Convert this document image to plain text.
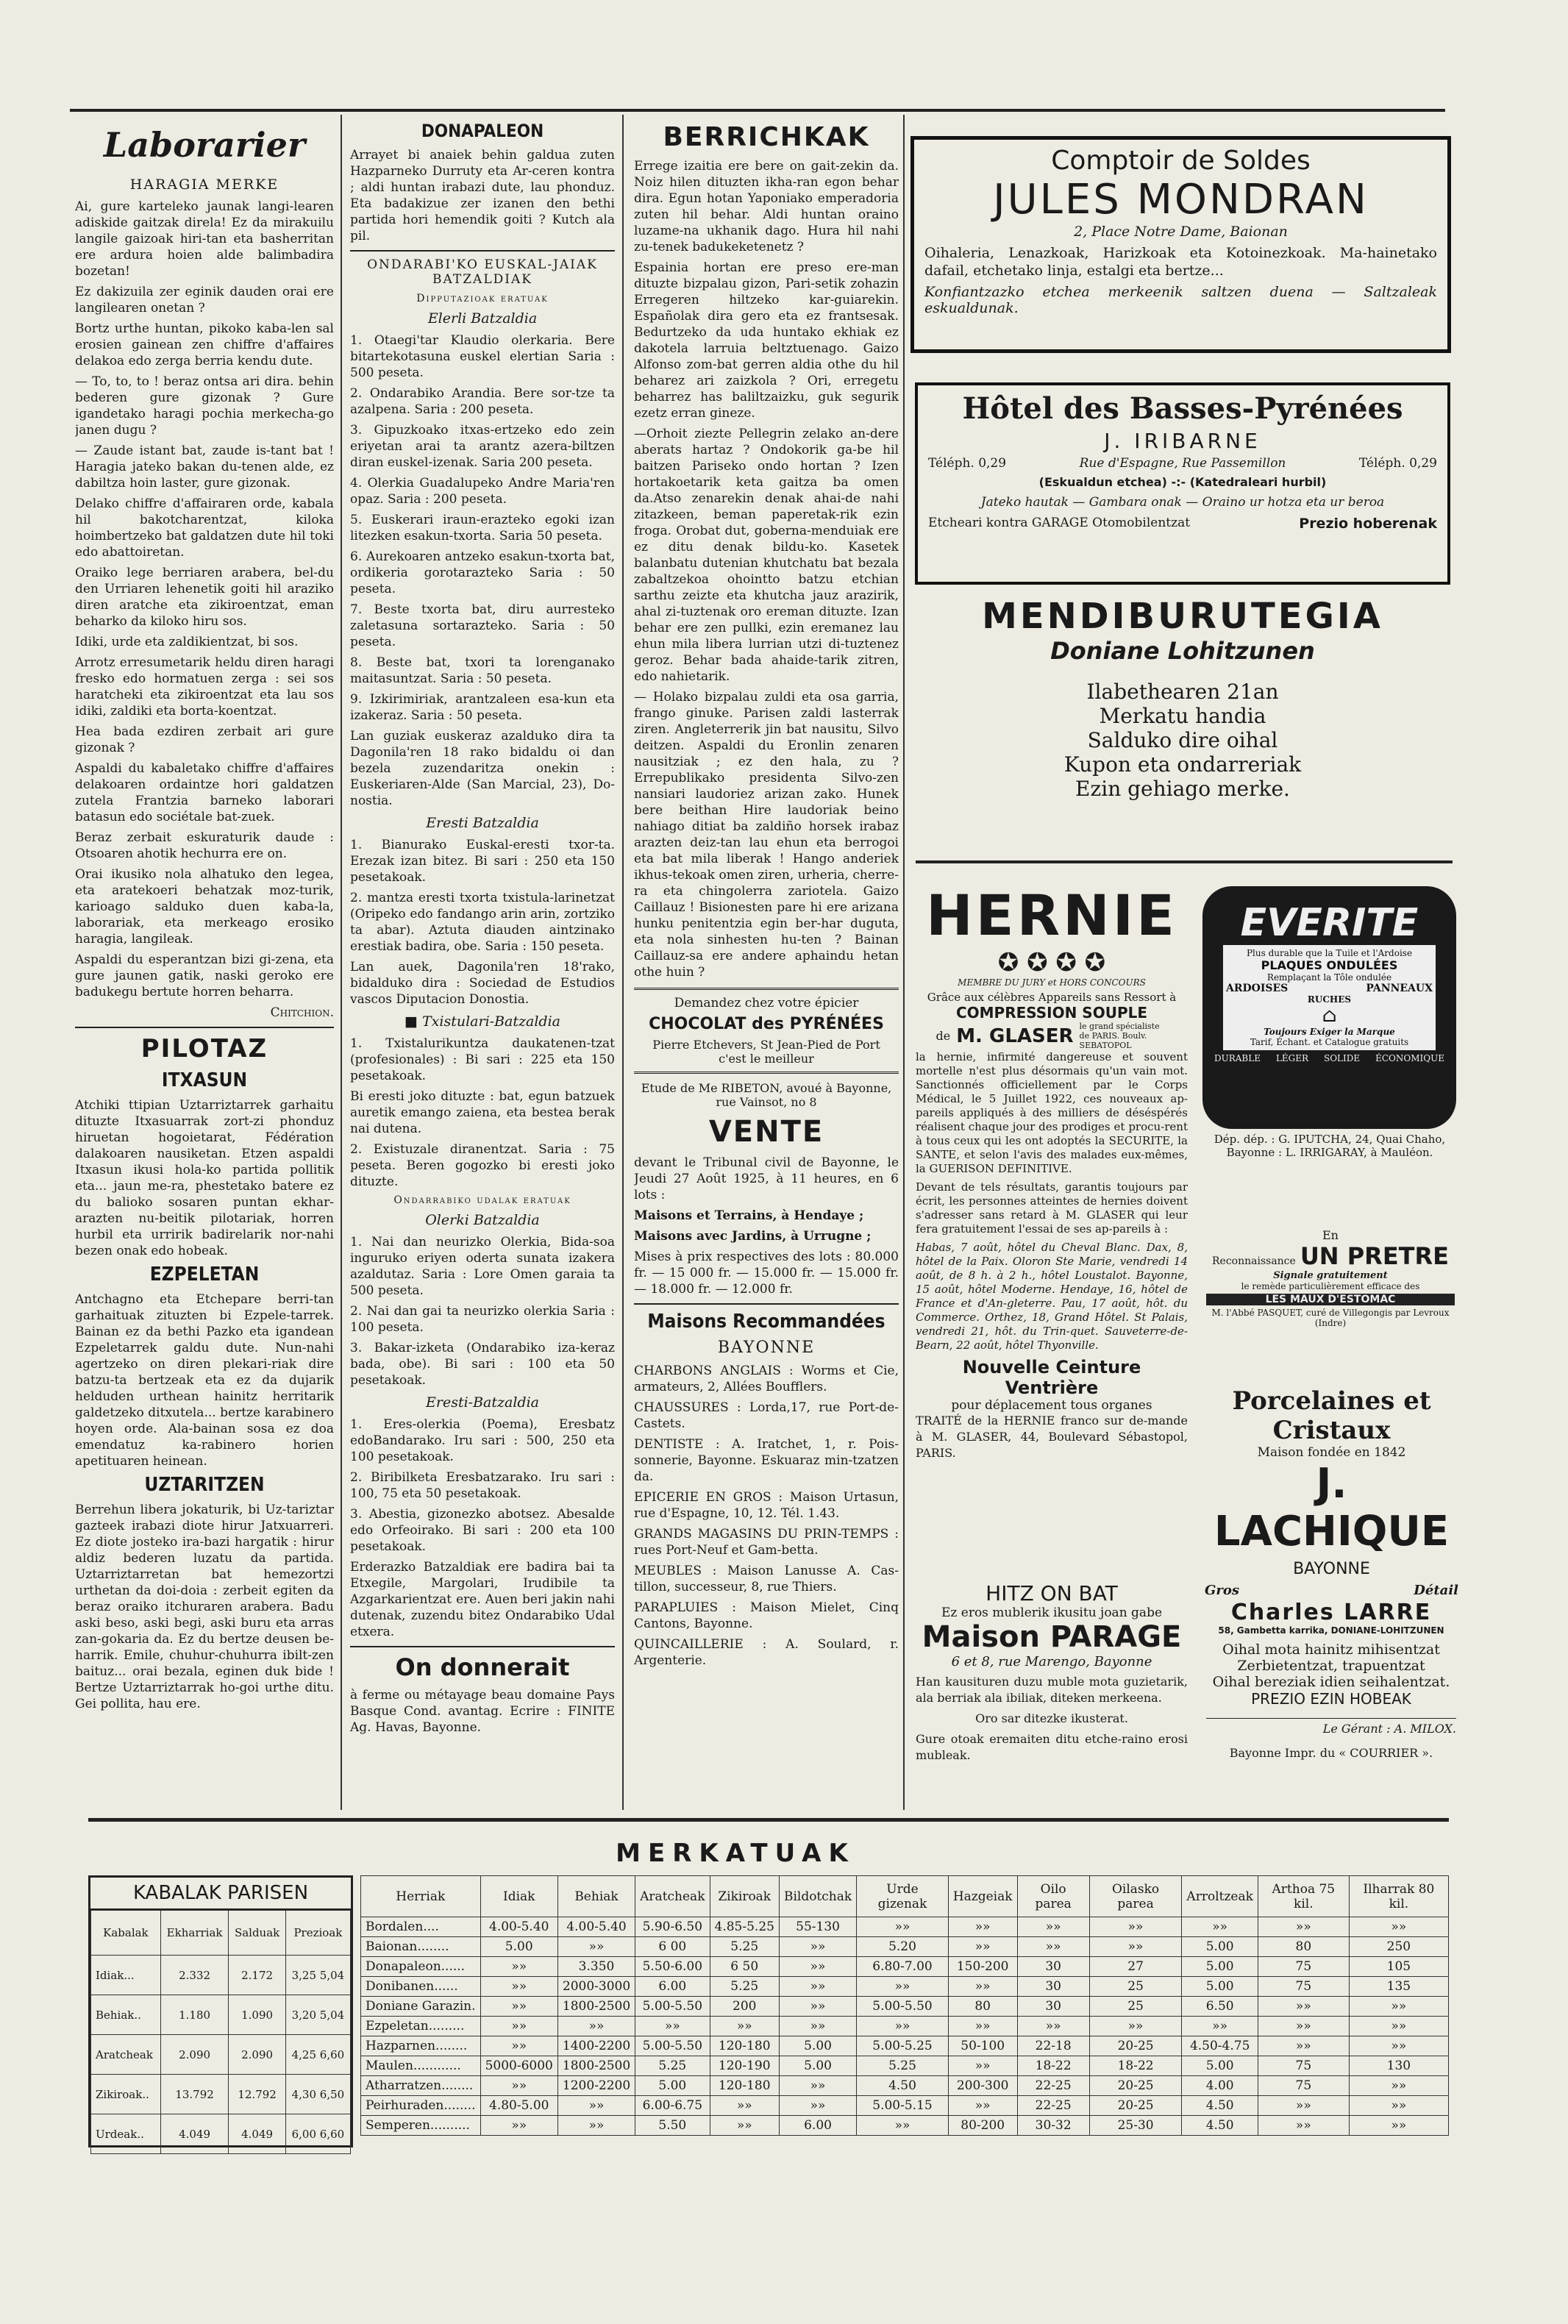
Laborarier
HARAGIA MERKE

Ai, gure karteleko jaunak langi-learen adiskide gaitzak direla! Ez da mirakuilu langile gaizoak hiri-tan eta basherritan ere ardura hoien alde balimbadira bozetan!

Ez dakizuila zer eginik dauden orai ere langilearen onetan ?

Bortz urthe huntan, pikoko kaba-len sal erosien gainean zen chiffre d'affaires delakoa edo zerga berria kendu dute.

— To, to, to ! beraz ontsa ari dira. behin bederen gure gizonak ? Gure igandetako haragi pochia merkecha-go janen dugu ?

— Zaude istant bat, zaude is-tant bat ! Haragia jateko bakan du-tenen alde, ez dabiltza hoin laster, gure gizonak.

Delako chiffre d'affairaren orde, kabala hil bakotcharentzat, kiloka hoimbertzeko bat galdatzen dute hil toki edo abattoiretan.

Oraiko lege berriaren arabera, bel-du den Urriaren lehenetik goiti hil araziko diren aratche eta zikiroentzat, eman beharko da kiloko hiru sos.

Idiki, urde eta zaldikientzat, bi sos.

Arrotz erresumetarik heldu diren haragi fresko edo hormatuen zerga : sei sos haratcheki eta zikiroentzat eta lau sos idiki, zaldiki eta borta-koentzat.

Hea bada ezdiren zerbait ari gure gizonak ?

Aspaldi du kabaletako chiffre d'affaires delakoaren ordaintze hori galdatzen zutela Frantzia barneko laborari batasun edo sociétale bat-zuek.

Beraz zerbait eskuraturik daude : Otsoaren ahotik hechurra ere on.

Orai ikusiko nola alhatuko den legea, eta aratekoeri behatzak moz-turik, karioago salduko duen kaba-la, laborariak, eta merkeago erosiko haragia, langileak.

Aspaldi du esperantzan bizi gi-zena, eta gure jaunen gatik, naski geroko ere badukegu bertute horren beharra.

Chitchion.

PILOTAZ
ITXASUN

Atchiki ttipian Uztarriztarrek garhaitu dituzte Itxasuarrak zort-zi phonduz hiruetan hogoietarat, Fédération dalakoaren nausiketan. Etzen aspaldi Itxasun ikusi hola-ko partida pollitik eta... jaun me-ra, phestetako batere ez du balioko sosaren puntan ekhar-arazten nu-beitik pilotariak, horren hurbil eta urririk badirelarik nor-nahi bezen onak edo hobeak.

EZPELETAN

Antchagno eta Etchepare berri-tan garhaituak zituzten bi Ezpele-tarrek. Bainan ez da bethi Pazko eta igandean Ezpeletarrek galdu dute. Nun-nahi agertzeko on diren plekari-riak dire batzu-ta bertzeak eta ez da dujarik helduden urthean hainitz herritarik galdetzeko ditxutela... bertze karabinero hoyen orde. Ala-bainan sosa ez doa emendatuz ka-rabinero horien apetituaren heinean.

UZTARITZEN

Berrehun libera jokaturik, bi Uz-tariztar gazteek irabazi diote hirur Jatxuarreri. Ez diote josteko ira-bazi hargatik : hirur aldiz bederen luzatu da partida. Uztarriztarretan bat hemezortzi urthetan da doi-doia : zerbeit egiten da beraz oraiko itchuraren arabera. Badu aski beso, aski begi, aski buru eta arras zan-gokaria da. Ez du bertze deusen be-harrik. Emile, chuhur-chuhurra ibilt-zen baituz... orai bezala, eginen duk bide ! Bertze Uztarriztarrak ho-goi urthe ditu. Gei pollita, hau ere.

DONAPALEON

Arrayet bi anaiek behin galdua zuten Hazparneko Durruty eta Ar-ceren kontra ; aldi huntan irabazi dute, lau phonduz. Eta badakizue zer izanen den bethi partida hori hemendik goiti ? Kutch ala pil.

ONDARABI'KO EUSKAL-JAIAK BATZALDIAK
Dipputazioak eratuak
Elerli Batzaldia

1. Otaegi'tar Klaudio olerkaria. Bere bitartekotasuna euskel elertian Saria : 500 peseta.

2. Ondarabiko Arandia. Bere sor-tze ta azalpena. Saria : 200 peseta.

3. Gipuzkoako itxas-ertzeko edo zein eriyetan arai ta arantz azera-biltzen diran euskel-izenak. Saria 200 peseta.

4. Olerkia Guadalupeko Andre Maria'ren opaz. Saria : 200 peseta.

5. Euskerari iraun-erazteko egoki izan litezken esakun-txorta. Saria 50 peseta.

6. Aurekoaren antzeko esakun-txorta bat, ordikeria gorotarazteko Saria : 50 peseta.

7. Beste txorta bat, diru aurresteko zaletasuna sortarazteko. Saria : 50 peseta.

8. Beste bat, txori ta lorenganako maitasuntzat. Saria : 50 peseta.

9. Izkirimiriak, arantzaleen esa-kun eta izakeraz. Saria : 50 peseta.

Lan guziak euskeraz azalduko dira ta Dagonila'ren 18 rako bidaldu oi dan bezela zuzendaritza onekin : Euskeriaren-Alde (San Marcial, 23), Do-nostia.

Eresti Batzaldia

1. Bianurako Euskal-eresti txor-ta. Erezak izan bitez. Bi sari : 250 eta 150 pesetakoak.

2. mantza eresti txorta txistula-larinetzat (Oripeko edo fandango arin arin, zortziko ta abar). Aztuta diauden aintzinako erestiak badira, obe. Saria : 150 peseta.

Lan auek, Dagonila'ren 18'rako, bidalduko dira : Sociedad de Estudios vascos Diputacion Donostia.

■ Txistulari-Batzaldia

1. Txistalurikuntza daukatenen-tzat (profesionales) : Bi sari : 225 eta 150 pesetakoak.

Bi eresti joko dituzte : bat, egun batzuek auretik emango zaiena, eta bestea berak nai dutena.

2. Existuzale diranentzat. Saria : 75 peseta. Beren gogozko bi eresti joko dituzte.

Ondarrabiko udalak eratuak
Olerki Batzaldia

1. Nai dan neurizko Olerkia, Bida-soa inguruko eriyen oderta sunata izakera azaldutaz. Saria : Lore Omen garaia ta 500 peseta.

2. Nai dan gai ta neurizko olerkia Saria : 100 peseta.

3. Bakar-izketa (Ondarabiko iza-keraz bada, obe). Bi sari : 100 eta 50 pesetakoak.

Eresti-Batzaldia

1. Eres-olerkia (Poema), Eresbatz edoBandarako. Iru sari : 500, 250 eta 100 pesetakoak.

2. Biribilketa Eresbatzarako. Iru sari : 100, 75 eta 50 pesetakoak.

3. Abestia, gizonezko abotsez. Abesalde edo Orfeoirako. Bi sari : 200 eta 100 pesetakoak.

Erderazko Batzaldiak ere badira bai ta Etxegile, Margolari, Irudibile ta Azgarkarientzat ere. Auen beri jakin nahi dutenak, zuzendu bitez Ondarabiko Udal etxera.

On donnerait

à ferme ou métayage beau domaine Pays Basque Cond. avantag. Ecrire : FINITE Ag. Havas, Bayonne.

BERRICHKAK

Errege izaitia ere bere on gait-zekin da. Noiz hilen dituzten ikha-ran egon behar dira. Egun hotan Yaponiako emperadoria zuten hil behar. Aldi huntan oraino luzame-na ukhanik dago. Hura hil nahi zu-tenek badukeketenetz ?

Espainia hortan ere preso ere-man dituzte bizpalau gizon, Pari-setik zohazin Erregeren hiltzeko kar-guiarekin. Españolak dira gero eta ez frantsesak. Bedurtzeko da uda huntako ekhiak ez dakotela larruia beltztuenago. Gaizo Alfonso zom-bat gerren aldia othe du hil beharez ari zaizkola ? Ori, erregetu beharrez has baliltzaizku, guk segurik ezetz erran gineze.

—Orhoit ziezte Pellegrin zelako an-dere aberats hartaz ? Ondokorik ga-be hil baitzen Pariseko ondo hortan ? Izen hortakoetarik keta gaitza ba omen da.Atso zenarekin denak ahai-de nahi zitazkeen, beman paperetak-rik ezin froga. Orobat dut, goberna-menduiak ere ez ditu denak bildu-ko. Kasetek balanbatu dutenian khutchatu bat bezala zabaltzekoa ohointto batzu etchian sarthu zeizte eta khutcha jauz arazirik, ahal zi-tuztenak oro ereman dituzte. Izan behar ere zen pullki, ezin eremanez lau ehun mila libera lurrian utzi di-tuztenez geroz. Behar bada ahaide-tarik zitren, edo nahietarik.

— Holako bizpalau zuldi eta osa garria, frango ginuke. Parisen zaldi lasterrak ziren. Angleterrerik jin bat nausitu, Silvo deitzen. Aspaldi du Eronlin zenaren nausitziak ; ez den hala, zu ? Errepublikako presidenta Silvo-zen nansiari laudoriez arizan zako. Hunek bere beithan Hire laudoriak beino nahiago ditiat ba zaldiño horsek irabaz arazten deiz-tan lau ehun eta berrogoi eta bat mila liberak ! Hango anderiek ikhus-tekoak omen ziren, urheria, cherre-ra eta chingolerra zariotela. Gaizo Caillauz ! Bisionesten pare hi ere arizana hunku penitentzia egin ber-har duguta, eta nola sinhesten hu-ten ? Bainan Caillauz-sa ere andere aphaindu hetan othe huin ?

Demandez chez votre épicier
CHOCOLAT des PYRÉNÉES
Pierre Etchevers, St Jean-Pied de Port
c'est le meilleur
Etude de Me RIBETON, avoué à Bayonne, rue Vainsot, no 8
VENTE

devant le Tribunal civil de Bayonne, le Jeudi 27 Août 1925, à 11 heures, en 6 lots :

Maisons et Terrains, à Hendaye ;

Maisons avec Jardins, à Urrugne ;

Mises à prix respectives des lots : 80.000 fr. — 15 000 fr. — 15.000 fr. — 15.000 fr. — 18.000 fr. — 12.000 fr.

Maisons Recommandées
BAYONNE

CHARBONS ANGLAIS : Worms et Cie, armateurs, 2, Allées Boufflers.

CHAUSSURES : Lorda,17, rue Port-de-Castets.

DENTISTE : A. Iratchet, 1, r. Pois-sonnerie, Bayonne. Eskuaraz min-tzatzen da.

EPICERIE EN GROS : Maison Urtasun, rue d'Espagne, 10, 12. Tél. 1.43.

GRANDS MAGASINS DU PRIN-TEMPS : rues Port-Neuf et Gam-betta.

MEUBLES : Maison Lanusse A. Cas-tillon, successeur, 8, rue Thiers.

PARAPLUIES : Maison Mielet, Cinq Cantons, Bayonne.

QUINCAILLERIE : A. Soulard, r. Argenterie.

Comptoir de Soldes
JULES MONDRAN
2, Place Notre Dame, Baionan

Oihaleria, Lenazkoak, Harizkoak eta Kotoinezkoak. Ma-hainetako dafail, etchetako linja, estalgi eta bertze...

Konfiantzazko etchea merkeenik saltzen duena — Saltzaleak eskualdunak.

Hôtel des Basses-Pyrénées
J. IRIBARNE
Téléph. 0,29	Rue d'Espagne, Rue Passemillon	Téléph. 0,29
(Eskualdun etchea) -:- (Katedraleari hurbil)
Jateko hautak — Gambara onak — Oraino ur hotza eta ur beroa
Etcheari kontra GARAGE Otomobilentzat	Prezio hoberenak
MENDIBURUTEGIA
Doniane Lohitzunen
Ilabethearen 21an
Merkatu handia
Salduko dire oihal
Kupon eta ondarreriak
Ezin gehiago merke.
HERNIE
✪ ✪ ✪ ✪
MEMBRE DU JURY et HORS CONCOURS
Grâce aux célèbres Appareils sans Ressort à
COMPRESSION SOUPLE
de M. GLASER le grand spécialiste de PARIS. Boulv. SEBATOPOL

la hernie, infirmité dangereuse et souvent mortelle n'est plus désormais qu'un vain mot. Sanctionnés officiellement par le Corps Médical, le 5 Juillet 1922, ces nouveaux ap-pareils appliqués à des milliers de déséspérés réalisent chaque jour des prodiges et procu-rent à tous ceux qui les ont adoptés la SECURITE, la SANTE, et selon l'avis des malades eux-mêmes, la GUERISON DEFINITIVE.

Devant de tels résultats, garantis toujours par écrit, les personnes atteintes de hernies doivent s'adresser sans retard à M. GLASER qui leur fera gratuitement l'essai de ses ap-pareils à :

Habas, 7 août, hôtel du Cheval Blanc. Dax, 8, hôtel de la Paix. Oloron Ste Marie, vendredi 14 août, de 8 h. à 2 h., hôtel Loustalot. Bayonne, 15 août, hôtel Moderne. Hendaye, 16, hôtel de France et d'An-gleterre. Pau, 17 août, hôt. du Commerce. Orthez, 18, Grand Hôtel. St Palais, vendredi 21, hôt. du Trin-quet. Sauveterre-de-Bearn, 22 août, hôtel Thyonville.

Nouvelle Ceinture Ventrière
pour déplacement tous organes

TRAITÉ de la HERNIE franco sur de-mande à M. GLASER, 44, Boulevard Sébastopol, PARIS.

EVERITE
Plus durable que la Tuile et l'Ardoise
PLAQUES ONDULÉES
Remplaçant la Tôle ondulée
ARDOISES	PANNEAUX
RUCHES
⌂
Toujours Exiger la Marque
Tarif, Échant. et Catalogue gratuits
DURABLE LÉGER SOLIDE ÉCONOMIQUE
Dép. dép. : G. IPUTCHA, 24, Quai Chaho, Bayonne : L. IRRIGARAY, à Mauléon.
En
Reconnaissance UN PRETRE
Signale gratuitement
le remède particulièrement efficace des
LES MAUX D'ESTOMAC
M. l'Abbé PASQUET, curé de Villegongis par Levroux (Indre)
Porcelaines et Cristaux
Maison fondée en 1842
J. LACHIQUE
BAYONNE
Gros	Détail
HITZ ON BAT
Ez eros mublerik ikusitu joan gabe
Maison PARAGE
6 et 8, rue Marengo, Bayonne

Han kausituren duzu muble mota guzietarik, ala berriak ala ibiliak, diteken merkeena.

Oro sar ditezke ikusterat.

Gure otoak eremaiten ditu etche-raino erosi mubleak.

Charles LARRE
58, Gambetta karrika, DONIANE-LOHITZUNEN
Oihal mota hainitz mihisentzat
Zerbietentzat, trapuentzat
Oihal bereziak idien seihalentzat.
PREZIO EZIN HOBEAK
Le Gérant : A. MILOX.
Bayonne Impr. du « COURRIER ».
MERKATUAK
KABALAK PARISEN
Kabalak	Ekharriak	Salduak	Prezioak
Idiak...	2.332	2.172	3,25 5,04
Behiak..	1.180	1.090	3,20 5,04
Aratcheak	2.090	2.090	4,25 6,60
Zikiroak..	13.792	12.792	4,30 6,50
Urdeak..	4.049	4.049	6,00 6,60
Herriak	Idiak	Behiak	Aratcheak	Zikiroak	Bildotchak	Urde gizenak	Hazgeiak	Oilo parea	Oilasko parea	Arroltzeak	Arthoa 75 kil.	Ilharrak 80 kil.
Bordalen....	4.00-5.40	4.00-5.40	5.90-6.50	4.85-5.25	55-130	»»	»»	»»	»»	»»	»»	»»
Baionan........	5.00	»»	6 00	5.25	»»	5.20	»»	»»	»»	5.00	80	250
Donapaleon......	»»	3.350	5.50-6.00	6 50	»»	6.80-7.00	150-200	30	27	5.00	75	105
Donibanen......	»»	2000-3000	6.00	5.25	»»	»»	»»	30	25	5.00	75	135
Doniane Garazin.	»»	1800-2500	5.00-5.50	200	»»	5.00-5.50	80	30	25	6.50	»»	»»
Ezpeletan.........	»»	»»	»»	»»	»»	»»	»»	»»	»»	»»	»»	»»
Hazparnen........	»»	1400-2200	5.00-5.50	120-180	5.00	5.00-5.25	50-100	22-18	20-25	4.50-4.75	»»	»»
Maulen............	5000-6000	1800-2500	5.25	120-190	5.00	5.25	»»	18-22	18-22	5.00	75	130
Atharratzen........	»»	1200-2200	5.00	120-180	»»	4.50	200-300	22-25	20-25	4.00	75	»»
Peirhuraden........	4.80-5.00	»»	6.00-6.75	»»	»»	5.00-5.15	»»	22-25	20-25	4.50	»»	»»
Semperen..........	»»	»»	5.50	»»	6.00	»»	80-200	30-32	25-30	4.50	»»	»»
